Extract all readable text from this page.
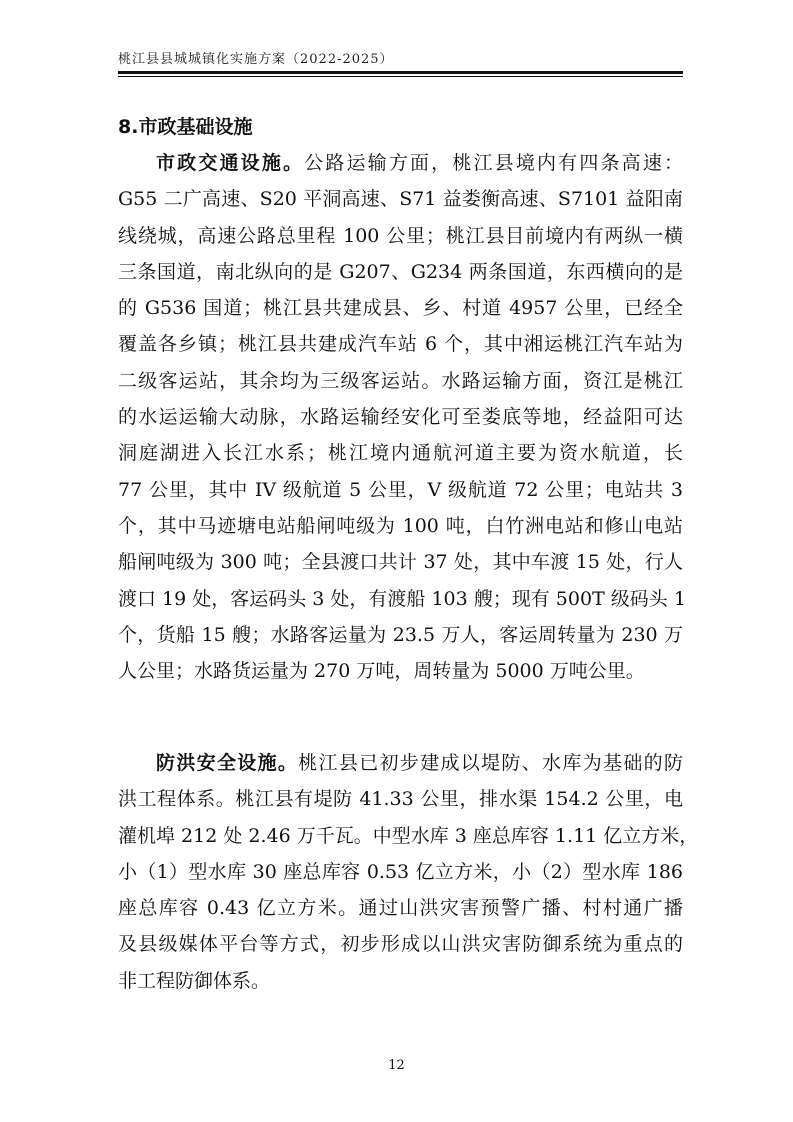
桃江县县城城镇化实施方案（2022-2025）
8.市政基础设施
市政交通设施。公路运输方面，桃江县境内有四条高速：
G55 二广高速、S20 平洞高速、S71 益娄衡高速、S7101 益阳南
线绕城，高速公路总里程 100 公里；桃江县目前境内有两纵一横
三条国道，南北纵向的是 G207、G234 两条国道，东西横向的是
的 G536 国道；桃江县共建成县、乡、村道 4957 公里，已经全
覆盖各乡镇；桃江县共建成汽车站 6 个，其中湘运桃江汽车站为
二级客运站，其余均为三级客运站。水路运输方面，资江是桃江
的水运运输大动脉，水路运输经安化可至娄底等地，经益阳可达
洞庭湖进入长江水系；桃江境内通航河道主要为资水航道，长
77 公里，其中 IV 级航道 5 公里，V 级航道 72 公里；电站共 3
个，其中马迹塘电站船闸吨级为 100 吨，白竹洲电站和修山电站
船闸吨级为 300 吨；全县渡口共计 37 处，其中车渡 15 处，行人
渡口 19 处，客运码头 3 处，有渡船 103 艘；现有 500T 级码头 1
个，货船 15 艘；水路客运量为 23.5 万人，客运周转量为 230 万
人公里；水路货运量为 270 万吨，周转量为 5000 万吨公里。
防洪安全设施。桃江县已初步建成以堤防、水库为基础的防
洪工程体系。桃江县有堤防 41.33 公里，排水渠 154.2 公里，电
灌机埠 212 处 2.46 万千瓦。中型水库 3 座总库容 1.11 亿立方米，
小（1）型水库 30 座总库容 0.53 亿立方米，小（2）型水库 186
座总库容 0.43 亿立方米。通过山洪灾害预警广播、村村通广播
及县级媒体平台等方式，初步形成以山洪灾害防御系统为重点的
非工程防御体系。
12
